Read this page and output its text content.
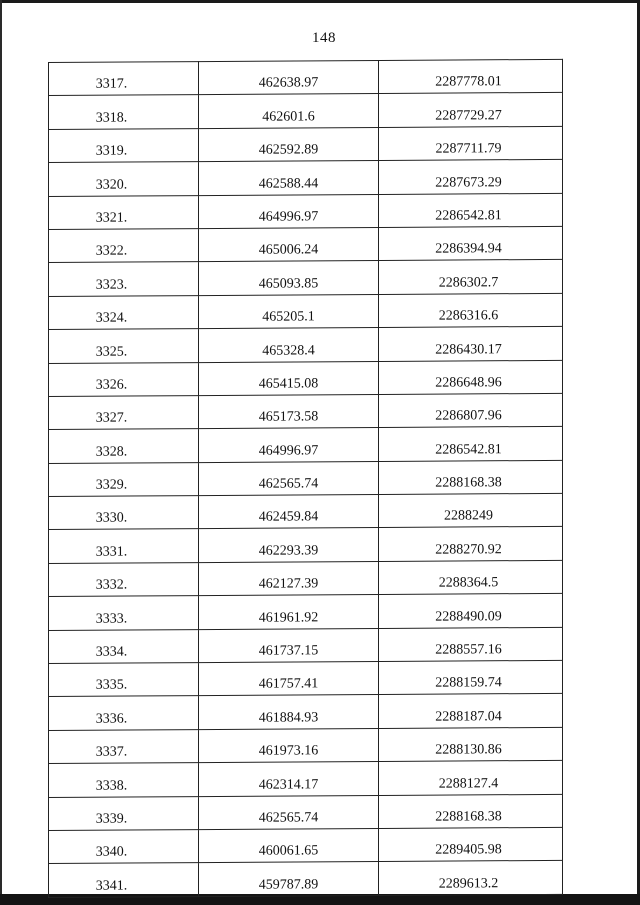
148
3317.	462638.97	2287778.01
3318.	462601.6	2287729.27
3319.	462592.89	2287711.79
3320.	462588.44	2287673.29
3321.	464996.97	2286542.81
3322.	465006.24	2286394.94
3323.	465093.85	2286302.7
3324.	465205.1	2286316.6
3325.	465328.4	2286430.17
3326.	465415.08	2286648.96
3327.	465173.58	2286807.96
3328.	464996.97	2286542.81
3329.	462565.74	2288168.38
3330.	462459.84	2288249
3331.	462293.39	2288270.92
3332.	462127.39	2288364.5
3333.	461961.92	2288490.09
3334.	461737.15	2288557.16
3335.	461757.41	2288159.74
3336.	461884.93	2288187.04
3337.	461973.16	2288130.86
3338.	462314.17	2288127.4
3339.	462565.74	2288168.38
3340.	460061.65	2289405.98
3341.	459787.89	2289613.2
